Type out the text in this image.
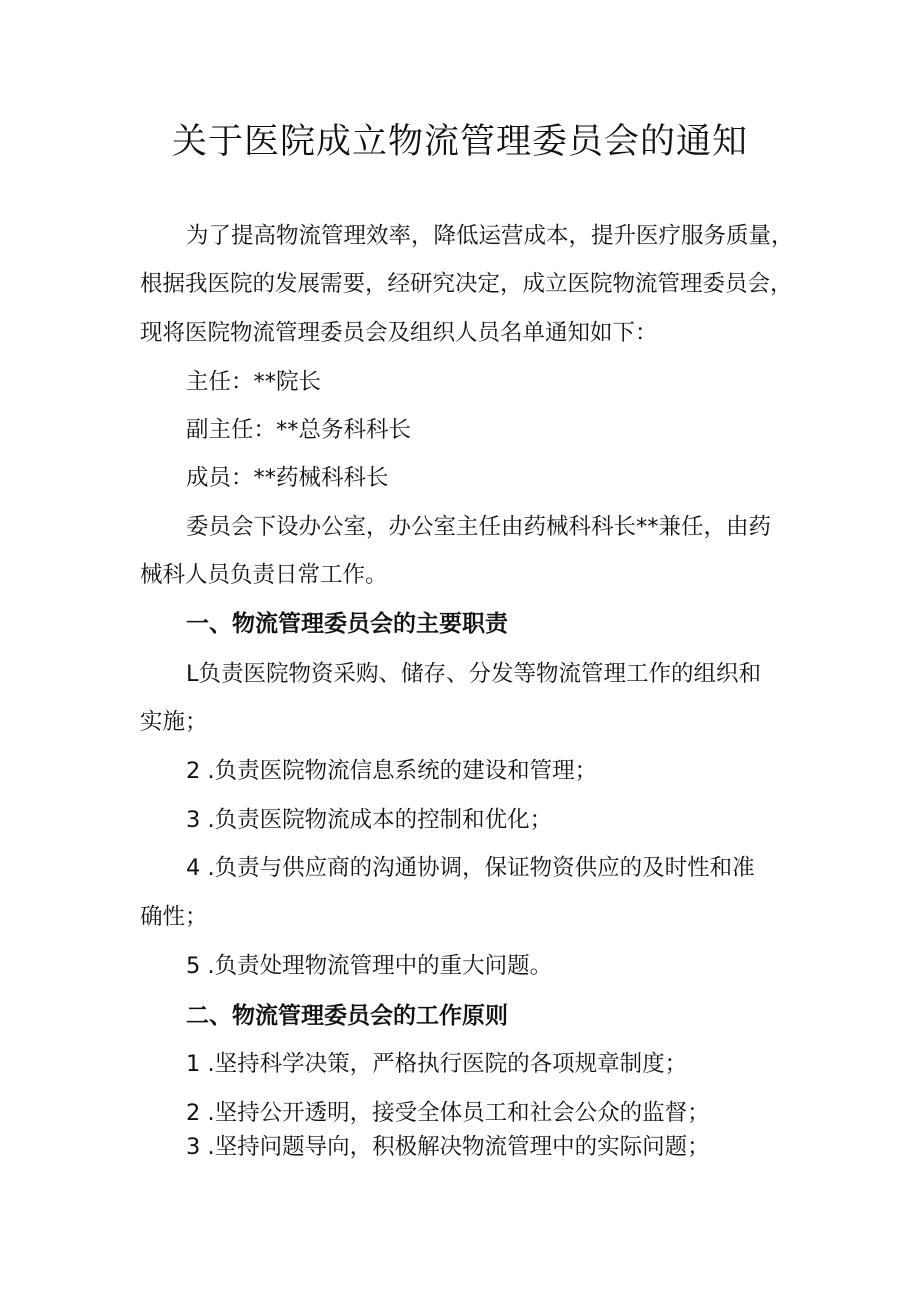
关于医院成立物流管理委员会的通知
为了提高物流管理效率，降低运营成本，提升医疗服务质量，
根据我医院的发展需要，经研究决定，成立医院物流管理委员会，
现将医院物流管理委员会及组织人员名单通知如下：
主任：**院长
副主任：**总务科科长
成员：**药械科科长
委员会下设办公室，办公室主任由药械科科长**兼任，由药
械科人员负责日常工作。
一、物流管理委员会的主要职责
L负责医院物资采购、储存、分发等物流管理工作的组织和
实施；
2 .负责医院物流信息系统的建设和管理；
3 .负责医院物流成本的控制和优化；
4 .负责与供应商的沟通协调，保证物资供应的及时性和准
确性；
5 .负责处理物流管理中的重大问题。
二、物流管理委员会的工作原则
1 .坚持科学决策，严格执行医院的各项规章制度；
2 .坚持公开透明，接受全体员工和社会公众的监督；
3 .坚持问题导向，积极解决物流管理中的实际问题；
